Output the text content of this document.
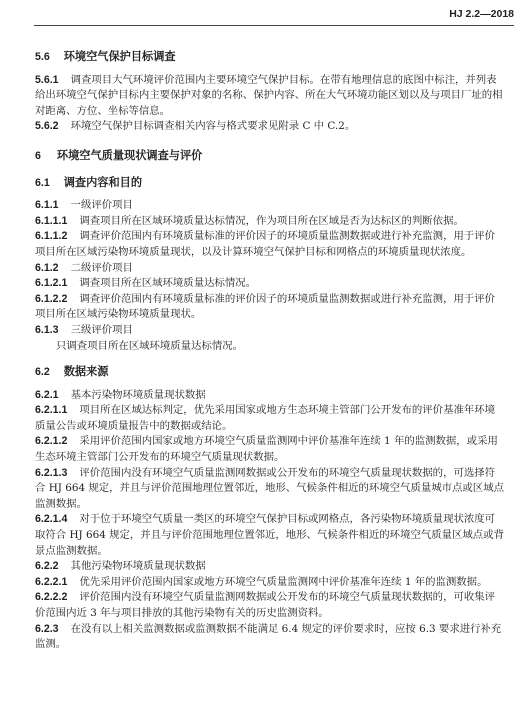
HJ 2.2—2018
5.6 环境空气保护目标调查
5.6.1 调查项目大气环境评价范围内主要环境空气保护目标。在带有地理信息的底图中标注，并列表
给出环境空气保护目标内主要保护对象的名称、保护内容、所在大气环境功能区划以及与项目厂址的相
对距离、方位、坐标等信息。
5.6.2 环境空气保护目标调查相关内容与格式要求见附录 C 中 C.2。
6 环境空气质量现状调查与评价
6.1 调查内容和目的
6.1.1 一级评价项目
6.1.1.1 调查项目所在区域环境质量达标情况，作为项目所在区域是否为达标区的判断依据。
6.1.1.2 调查评价范围内有环境质量标准的评价因子的环境质量监测数据或进行补充监测，用于评价
项目所在区域污染物环境质量现状，以及计算环境空气保护目标和网格点的环境质量现状浓度。
6.1.2 二级评价项目
6.1.2.1 调查项目所在区域环境质量达标情况。
6.1.2.2 调查评价范围内有环境质量标准的评价因子的环境质量监测数据或进行补充监测，用于评价
项目所在区域污染物环境质量现状。
6.1.3 三级评价项目
只调查项目所在区域环境质量达标情况。
6.2 数据来源
6.2.1 基本污染物环境质量现状数据
6.2.1.1 项目所在区域达标判定，优先采用国家或地方生态环境主管部门公开发布的评价基准年环境
质量公告或环境质量报告中的数据或结论。
6.2.1.2 采用评价范围内国家或地方环境空气质量监测网中评价基准年连续 1 年的监测数据，或采用
生态环境主管部门公开发布的环境空气质量现状数据。
6.2.1.3 评价范围内没有环境空气质量监测网数据或公开发布的环境空气质量现状数据的，可选择符
合 HJ 664 规定，并且与评价范围地理位置邻近，地形、气候条件相近的环境空气质量城市点或区域点
监测数据。
6.2.1.4 对于位于环境空气质量一类区的环境空气保护目标或网格点，各污染物环境质量现状浓度可
取符合 HJ 664 规定，并且与评价范围地理位置邻近，地形、气候条件相近的环境空气质量区域点或背
景点监测数据。
6.2.2 其他污染物环境质量现状数据
6.2.2.1 优先采用评价范围内国家或地方环境空气质量监测网中评价基准年连续 1 年的监测数据。
6.2.2.2 评价范围内没有环境空气质量监测网数据或公开发布的环境空气质量现状数据的，可收集评
价范围内近 3 年与项目排放的其他污染物有关的历史监测资料。
6.2.3 在没有以上相关监测数据或监测数据不能满足 6.4 规定的评价要求时，应按 6.3 要求进行补充
监测。
